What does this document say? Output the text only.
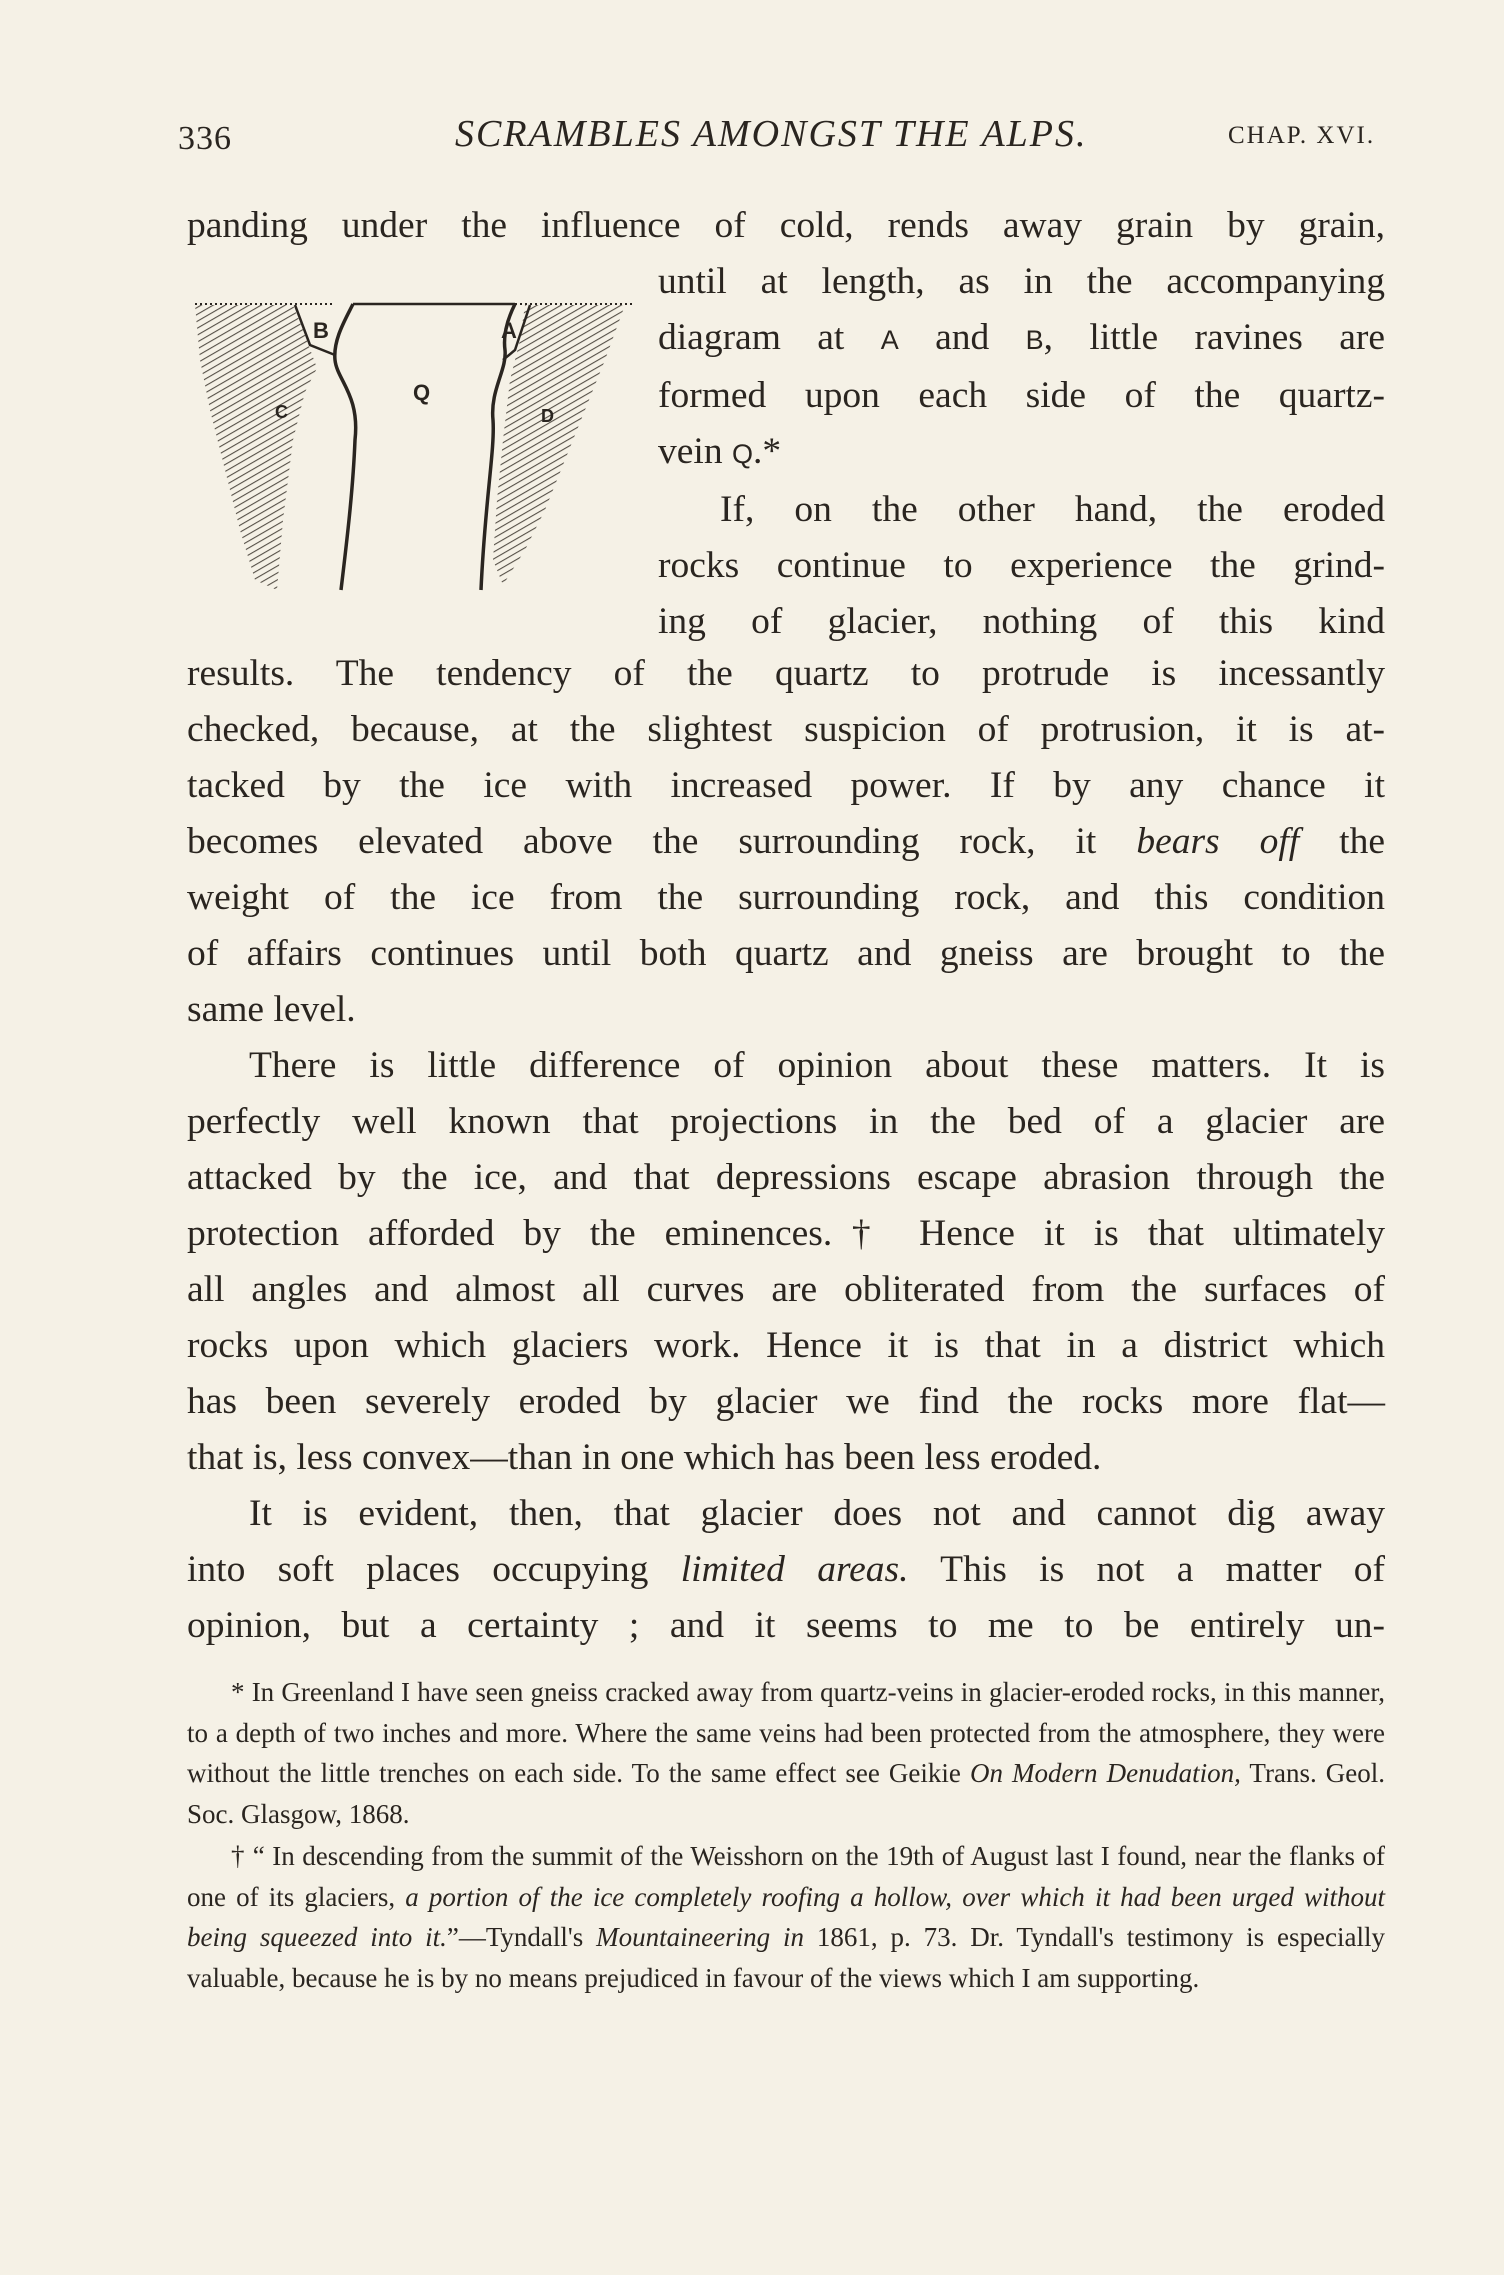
336	SCRAMBLES AMONGST THE ALPS.	CHAP. XVI.

panding under the influence of cold, rends away grain by grain,

until at length, as in the accompanying
diagram at A and B, little ravines are
formed upon each side of the quartz-
vein Q.*
If, on the other hand, the eroded
rocks continue to experience the grind-
ing of glacier, nothing of this kind

B	A
C
Q
D

results. The tendency of the quartz to protrude is incessantly
checked, because, at the slightest suspicion of protrusion, it is at-
tacked by the ice with increased power. If by any chance it
becomes elevated above the surrounding rock, it bears off the
weight of the ice from the surrounding rock, and this condition
of affairs continues until both quartz and gneiss are brought to the
same level.

There is little difference of opinion about these matters. It is
perfectly well known that projections in the bed of a glacier are
attacked by the ice, and that depressions escape abrasion through the
protection afforded by the eminences.† Hence it is that ultimately
all angles and almost all curves are obliterated from the surfaces of
rocks upon which glaciers work. Hence it is that in a district which
has been severely eroded by glacier we find the rocks more flat—
that is, less convex—than in one which has been less eroded.

It is evident, then, that glacier does not and cannot dig away
into soft places occupying limited areas. This is not a matter of
opinion, but a certainty ; and it seems to me to be entirely un-

* In Greenland I have seen gneiss cracked away from quartz-veins in glacier-eroded rocks, in this manner, to a depth of two inches and more. Where the same veins had been protected from the atmosphere, they were without the little trenches on each side. To the same effect see Geikie On Modern Denudation, Trans. Geol. Soc. Glasgow, 1868.

† “ In descending from the summit of the Weisshorn on the 19th of August last I found, near the flanks of one of its glaciers, a portion of the ice completely roofing a hollow, over which it had been urged without being squeezed into it.”—Tyndall's Mountaineering in 1861, p. 73. Dr. Tyndall's testimony is especially valuable, because he is by no means prejudiced in favour of the views which I am supporting.
